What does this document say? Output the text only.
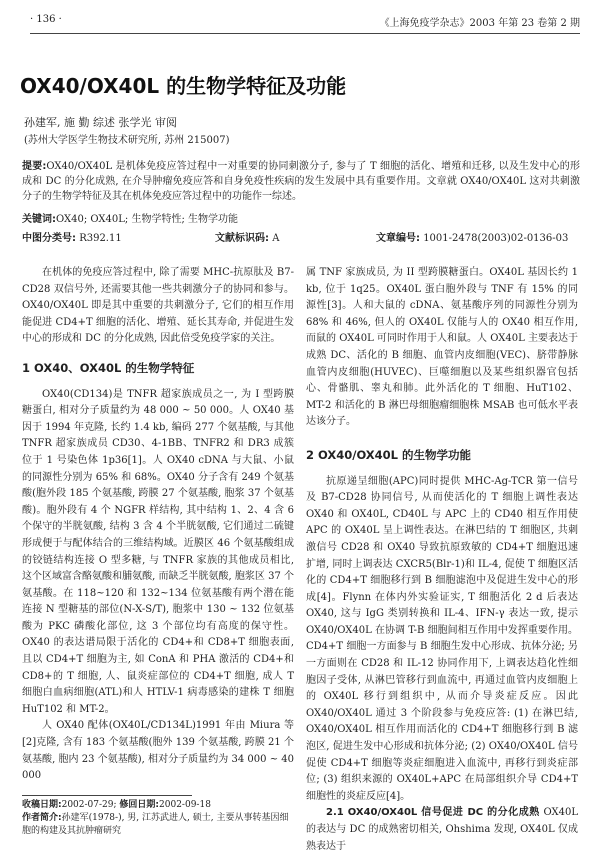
· 136 ·	《上海免疫学杂志》2003 年第 23 卷第 2 期
OX40/OX40L 的生物学特征及功能
孙建军, 施 勤 综述 张学光 审阅
(苏州大学医学生物技术研究所, 苏州 215007)
提要:OX40/OX40L 是机体免疫应答过程中一对重要的协同刺激分子, 参与了 T 细胞的活化、增殖和迁移, 以及生发中心的形成和 DC 的分化成熟, 在介导肿瘤免疫应答和自身免疫性疾病的发生发展中具有重要作用。文章就 OX40/OX40L 这对共刺激分子的生物学特征及其在机体免疫应答过程中的功能作一综述。
关键词:OX40; OX40L; 生物学特性; 生物学功能
中图分类号: R392.11	文献标识码: A	文章编号: 1001-2478(2003)02-0136-03

在机体的免疫应答过程中, 除了需要 MHC-抗原肽及 B7-CD28 双信号外, 还需要其他一些共刺激分子的协同和参与。OX40/OX40L 即是其中重要的共刺激分子, 它们的相互作用能促进 CD4+T 细胞的活化、增殖、延长其寿命, 并促进生发中心的形成和 DC 的分化成熟, 因此倍受免疫学家的关注。

1 OX40、OX40L 的生物学特征

OX40(CD134)是 TNFR 超家族成员之一, 为 I 型跨膜糖蛋白, 相对分子质量约为 48 000 ~ 50 000。人 OX40 基因于 1994 年克隆, 长约 1.4 kb, 编码 277 个氨基酸, 与其他 TNFR 超家族成员 CD30、4-1BB、TNFR2 和 DR3 成簇位于 1 号染色体 1p36[1]。人 OX40 cDNA 与大鼠、小鼠的同源性分别为 65% 和 68%。OX40 分子含有 249 个氨基酸(胞外段 185 个氨基酸, 跨膜 27 个氨基酸, 胞浆 37 个氨基酸)。胞外段有 4 个 NGFR 样结构, 其中结构 1、2、4 含 6 个保守的半胱氨酸, 结构 3 含 4 个半胱氨酸, 它们通过二硫键形成便于与配体结合的三维结构域。近膜区 46 个氨基酸组成的铰链结构连接 O 型多糖, 与 TNFR 家族的其他成员相比, 这个区域富含酪氨酸和脯氨酸, 而缺乏半胱氨酸, 胞浆区 37 个氨基酸。在 118~120 和 132~134 位氨基酸有两个潜在能连接 N 型糖基的部位(N-X-S/T), 胞浆中 130 ~ 132 位氨基酸为 PKC 磷酸化部位, 这 3 个部位均有高度的保守性。OX40 的表达谱局限于活化的 CD4+和 CD8+T 细胞表面, 且以 CD4+T 细胞为主, 如 ConA 和 PHA 激活的 CD4+和 CD8+的 T 细胞, 人、鼠炎症部位的 CD4+T 细胞, 成人 T 细胞白血病细胞(ATL)和人 HTLV-1 病毒感染的建株 T 细胞 HuT102 和 MT-2。

人 OX40 配体(OX40L/CD134L)1991 年由 Miura 等[2]克隆, 含有 183 个氨基酸(胞外 139 个氨基酸, 跨膜 21 个氨基酸, 胞内 23 个氨基酸), 相对分子质量约为 34 000 ~ 40 000

属 TNF 家族成员, 为 II 型跨膜糖蛋白。OX40L 基因长约 1 kb, 位于 1q25。OX40L 蛋白胞外段与 TNF 有 15% 的同源性[3]。人和大鼠的 cDNA、氨基酸序列的同源性分别为 68% 和 46%, 但人的 OX40L 仅能与人的 OX40 相互作用, 而鼠的 OX40L 可同时作用于人和鼠。人 OX40L 主要表达于成熟 DC、活化的 B 细胞、血管内皮细胞(VEC)、脐带静脉血管内皮细胞(HUVEC)、巨噬细胞以及某些组织器官包括心、骨骼肌、睾丸和肺。此外活化的 T 细胞、HuT102、MT-2 和活化的 B 淋巴母细胞瘤细胞株 MSAB 也可低水平表达该分子。

2 OX40/OX40L 的生物学功能

抗原递呈细胞(APC)同时提供 MHC-Ag-TCR 第一信号及 B7-CD28 协同信号, 从而使活化的 T 细胞上调性表达 OX40 和 OX40L, CD40L 与 APC 上的 CD40 相互作用使 APC 的 OX40L 呈上调性表达。在淋巴结的 T 细胞区, 共刺激信号 CD28 和 OX40 导致抗原致敏的 CD4+T 细胞迅速扩增, 同时上调表达 CXCR5(Blr-1)和 IL-4, 促使 T 细胞区活化的 CD4+T 细胞移行到 B 细胞滤泡中及促进生发中心的形成[4]。Flynn 在体内外实验证实, T 细胞活化 2 d 后表达 OX40, 这与 IgG 类别转换和 IL-4、IFN-γ 表达一致, 提示 OX40/OX40L 在协调 T-B 细胞间相互作用中发挥重要作用。CD4+T 细胞一方面参与 B 细胞生发中心形成、抗体分泌; 另一方面则在 CD28 和 IL-12 协同作用下, 上调表达趋化性细胞因子受体, 从淋巴管移行到血流中, 再通过血管内皮细胞上的 OX40L 移行到组织中, 从而介导炎症反应。因此 OX40/OX40L 通过 3 个阶段参与免疫应答: (1) 在淋巴结, OX40/OX40L 相互作用而活化的 CD4+T 细胞移行到 B 滤泡区, 促进生发中心形成和抗体分泌; (2) OX40/OX40L 信号促使 CD4+T 细胞等炎症细胞进入血流中, 再移行到炎症部位; (3) 组织来源的 OX40L+APC 在局部组织介导 CD4+T 细胞性的炎症反应[4]。

2.1 OX40/OX40L 信号促进 DC 的分化成熟 OX40L 的表达与 DC 的成熟密切相关, Ohshima 发现, OX40L 仅成熟表达于

收稿日期:2002-07-29; 修回日期:2002-09-18
作者简介:孙建军(1978-), 男, 江苏武进人, 硕士, 主要从事转基因细胞的构建及其抗肿瘤研究
